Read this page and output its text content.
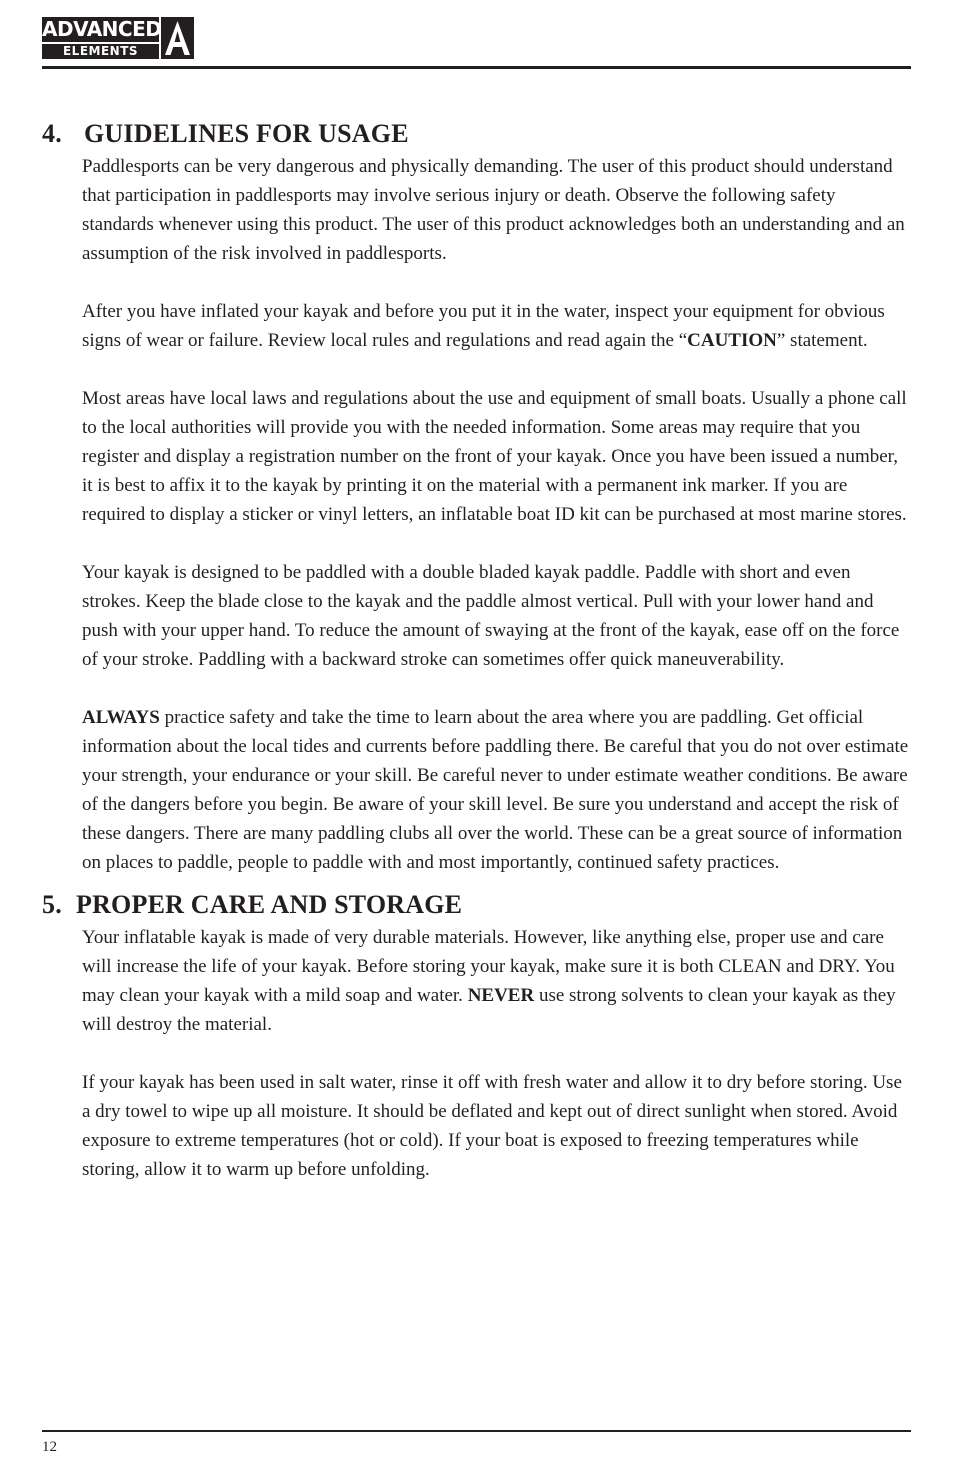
ADVANCED
ELEMENTS
4. GUIDELINES FOR USAGE

Paddlesports can be very dangerous and physically demanding. The user of this product should understand that participation in paddlesports may involve serious injury or death. Observe the following safety standards whenever using this product. The user of this product acknowledges both an understanding and an assumption of the risk involved in paddlesports.

After you have inflated your kayak and before you put it in the water, inspect your equipment for obvious signs of wear or failure. Review local rules and regulations and read again the “CAUTION” statement.

Most areas have local laws and regulations about the use and equipment of small boats. Usually a phone call to the local authorities will provide you with the needed information. Some areas may require that you register and display a registration number on the front of your kayak. Once you have been issued a number, it is best to affix it to the kayak by printing it on the material with a permanent ink marker. If you are required to display a sticker or vinyl letters, an inflatable boat ID kit can be purchased at most marine stores.

Your kayak is designed to be paddled with a double bladed kayak paddle. Paddle with short and even strokes. Keep the blade close to the kayak and the paddle almost vertical. Pull with your lower hand and push with your upper hand. To reduce the amount of swaying at the front of the kayak, ease off on the force of your stroke. Paddling with a backward stroke can sometimes offer quick maneuverability.

ALWAYS practice safety and take the time to learn about the area where you are paddling. Get official information about the local tides and currents before paddling there. Be careful that you do not over estimate your strength, your endurance or your skill. Be careful never to under estimate weather conditions. Be aware of the dangers before you begin. Be aware of your skill level. Be sure you understand and accept the risk of these dangers. There are many paddling clubs all over the world. These can be a great source of information on places to paddle, people to paddle with and most importantly, continued safety practices.

5. PROPER CARE AND STORAGE

Your inflatable kayak is made of very durable materials. However, like anything else, proper use and care will increase the life of your kayak. Before storing your kayak, make sure it is both CLEAN and DRY. You may clean your kayak with a mild soap and water. NEVER use strong solvents to clean your kayak as they will destroy the material.

If your kayak has been used in salt water, rinse it off with fresh water and allow it to dry before storing. Use a dry towel to wipe up all moisture. It should be deflated and kept out of direct sunlight when stored. Avoid exposure to extreme temperatures (hot or cold). If your boat is exposed to freezing temperatures while storing, allow it to warm up before unfolding.

12
